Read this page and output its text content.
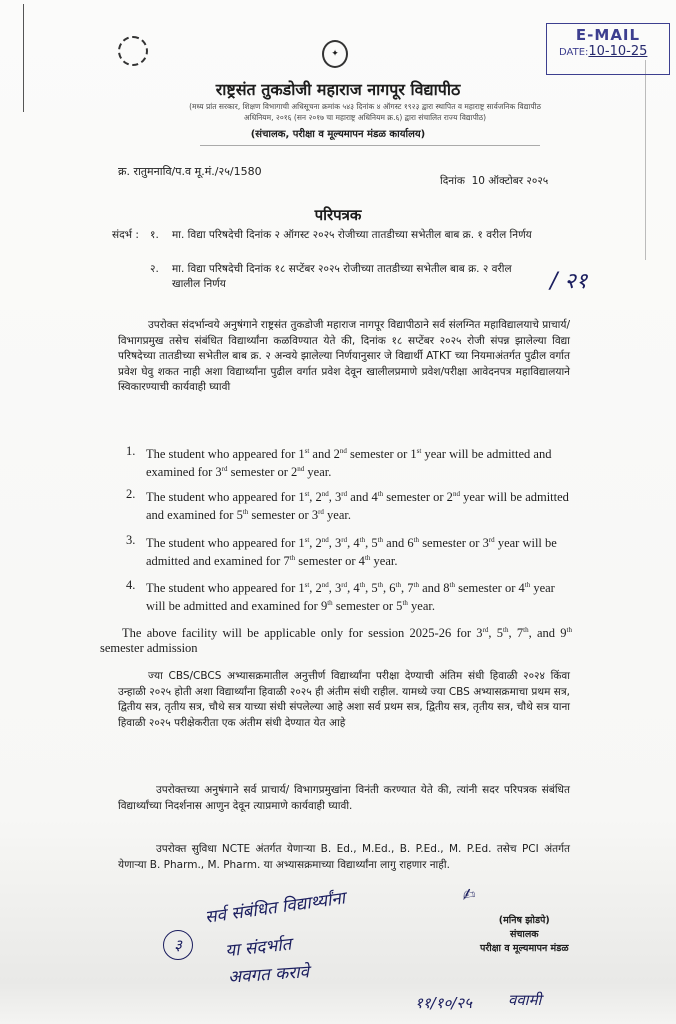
✦
E-MAIL
DATE:10-10-25
राष्ट्रसंत तुकडोजी महाराज नागपूर विद्यापीठ
(मध्य प्रांत सरकार, शिक्षण विभागाची अधिसूचना क्रमांक ५४३ दिनांक ४ ऑगस्ट १९२३ द्वारा स्थापित व महाराष्ट्र सार्वजनिक विद्यापीठ
अधिनियम, २०१६ (सन २०१७ चा महाराष्ट्र अधिनियम क्र.६) द्वारा संचालित राज्य विद्यापीठ)
(संचालक, परीक्षा व मूल्यमापन मंडळ कार्यालय)
क्र. रातुमनावि/प.व मू.मं./२५/1580
दिनांक 10 ऑक्टोबर २०२५
परिपत्रक
संदर्भ : १. मा. विद्या परिषदेची दिनांक २ ऑगस्ट २०२५ रोजीच्या तातडीच्या सभेतील बाब क्र. १ वरील निर्णय
२. मा. विद्या परिषदेची दिनांक १८ सप्टेंबर २०२५ रोजीच्या तातडीच्या सभेतील बाब क्र. २ वरील खालील निर्णय	/ २१
उपरोक्त संदर्भान्वये अनुषंगाने राष्ट्रसंत तुकडोजी महाराज नागपूर विद्यापीठाने सर्व संलग्नित महाविद्यालयाचे प्राचार्य/ विभागप्रमुख तसेच संबंधित विद्यार्थ्यांना कळविण्यात येते की, दिनांक १८ सप्टेंबर २०२५ रोजी संपन्न झालेल्या विद्या परिषदेच्या तातडीच्या सभेतील बाब क्र. २ अन्वये झालेल्या निर्णयानुसार जे विद्यार्थी ATKT च्या नियमाअंतर्गत पुढील वर्गात प्रवेश घेवु शकत नाही अशा विद्यार्थ्यांना पुढील वर्गात प्रवेश देवून खालीलप्रमाणे प्रवेश/परीक्षा आवेदनपत्र महाविद्यालयाने स्विकारण्याची कार्यवाही घ्यावी
1. The student who appeared for 1st and 2nd semester or 1st year will be admitted and examined for 3rd semester or 2nd year.
2. The student who appeared for 1st, 2nd, 3rd and 4th semester or 2nd year will be admitted and examined for 5th semester or 3rd year.
3. The student who appeared for 1st, 2nd, 3rd, 4th, 5th and 6th semester or 3rd year will be admitted and examined for 7th semester or 4th year.
4. The student who appeared for 1st, 2nd, 3rd, 4th, 5th, 6th, 7th and 8th semester or 4th year will be admitted and examined for 9th semester or 5th year.
The above facility will be applicable only for session 2025-26 for 3rd, 5th, 7th, and 9th semester admission
ज्या CBS/CBCS अभ्यासक्रमातील अनुत्तीर्ण विद्यार्थ्यांना परीक्षा देण्याची अंतिम संधी हिवाळी २०२४ किंवा उन्हाळी २०२५ होती अशा विद्यार्थ्यांना हिवाळी २०२५ ही अंतीम संधी राहील. यामध्ये ज्या CBS अभ्यासक्रमाचा प्रथम सत्र, द्वितीय सत्र, तृतीय सत्र, चौथे सत्र याच्या संधी संपलेल्या आहे अशा सर्व प्रथम सत्र, द्वितीय सत्र, तृतीय सत्र, चौथे सत्र याना हिवाळी २०२५ परीक्षेकरीता एक अंतीम संधी देण्यात येत आहे
उपरोक्तच्या अनुषंगाने सर्व प्राचार्य/ विभागप्रमुखांना विनंती करण्यात येते की, त्यांनी सदर परिपत्रक संबंधित विद्यार्थ्यांच्या निदर्शनास आणुन देवून त्याप्रमाणे कार्यवाही घ्यावी.
उपरोक्त सुविधा NCTE अंतर्गत येणाऱ्या B. Ed., M.Ed., B. P.Ed., M. P.Ed. तसेच PCI अंतर्गत येणाऱ्या B. Pharm., M. Pharm. या अभ्यासक्रमाच्या विद्यार्थ्यांना लागु राहणार नाही.
✍
(मनिष झोडपे)
संचालक
परीक्षा व मूल्यमापन मंडळ
३
सर्व संबंधित विद्यार्थ्यांना
या संदर्भात
अवगत करावे
११/१०/२५ ववामी
